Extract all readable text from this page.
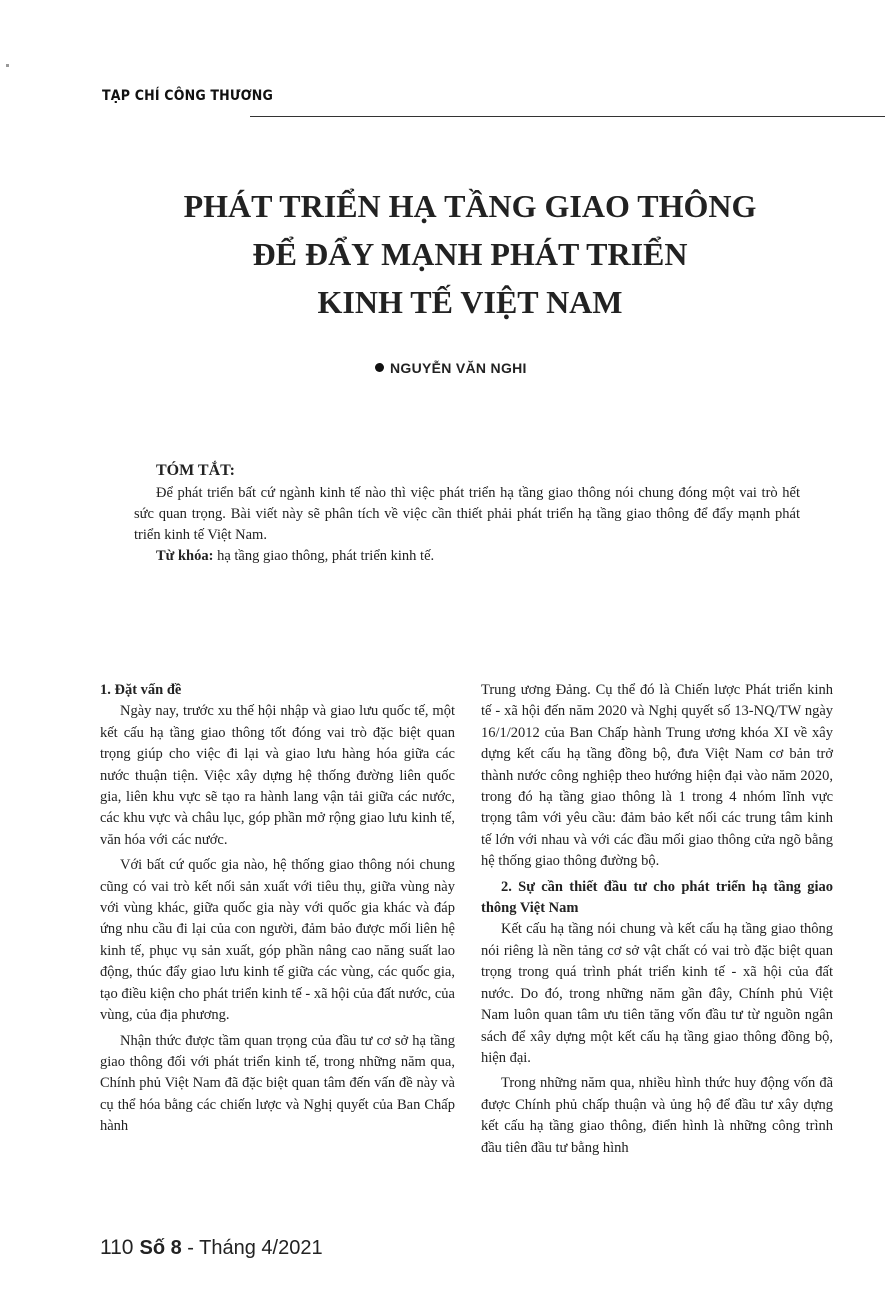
TẠP CHÍ CÔNG THƯƠNG
PHÁT TRIỂN HẠ TẦNG GIAO THÔNG
ĐỂ ĐẨY MẠNH PHÁT TRIỂN
KINH TẾ VIỆT NAM
NGUYỄN VĂN NGHI
TÓM TẮT:

Để phát triển bất cứ ngành kinh tế nào thì việc phát triển hạ tầng giao thông nói chung đóng một vai trò hết sức quan trọng. Bài viết này sẽ phân tích về việc cần thiết phải phát triển hạ tầng giao thông để đẩy mạnh phát triển kinh tế Việt Nam.

Từ khóa: hạ tầng giao thông, phát triển kinh tế.

1. Đặt vấn đề

Ngày nay, trước xu thế hội nhập và giao lưu quốc tế, một kết cấu hạ tầng giao thông tốt đóng vai trò đặc biệt quan trọng giúp cho việc đi lại và giao lưu hàng hóa giữa các nước thuận tiện. Việc xây dựng hệ thống đường liên quốc gia, liên khu vực sẽ tạo ra hành lang vận tải giữa các nước, các khu vực và châu lục, góp phần mở rộng giao lưu kinh tế, văn hóa với các nước.

Với bất cứ quốc gia nào, hệ thống giao thông nói chung cũng có vai trò kết nối sản xuất với tiêu thụ, giữa vùng này với vùng khác, giữa quốc gia này với quốc gia khác và đáp ứng nhu cầu đi lại của con người, đảm bảo được mối liên hệ kinh tế, phục vụ sản xuất, góp phần nâng cao năng suất lao động, thúc đẩy giao lưu kinh tế giữa các vùng, các quốc gia, tạo điều kiện cho phát triển kinh tế - xã hội của đất nước, của vùng, của địa phương.

Nhận thức được tầm quan trọng của đầu tư cơ sở hạ tầng giao thông đối với phát triển kinh tế, trong những năm qua, Chính phủ Việt Nam đã đặc biệt quan tâm đến vấn đề này và cụ thể hóa bằng các chiến lược và Nghị quyết của Ban Chấp hành

Trung ương Đảng. Cụ thể đó là Chiến lược Phát triển kinh tế - xã hội đến năm 2020 và Nghị quyết số 13-NQ/TW ngày 16/1/2012 của Ban Chấp hành Trung ương khóa XI về xây dựng kết cấu hạ tầng đồng bộ, đưa Việt Nam cơ bản trở thành nước công nghiệp theo hướng hiện đại vào năm 2020, trong đó hạ tầng giao thông là 1 trong 4 nhóm lĩnh vực trọng tâm với yêu cầu: đảm bảo kết nối các trung tâm kinh tế lớn với nhau và với các đầu mối giao thông cửa ngõ bằng hệ thống giao thông đường bộ.

2. Sự cần thiết đầu tư cho phát triển hạ tầng giao thông Việt Nam

Kết cấu hạ tầng nói chung và kết cấu hạ tầng giao thông nói riêng là nền tảng cơ sở vật chất có vai trò đặc biệt quan trọng trong quá trình phát triển kinh tế - xã hội của đất nước. Do đó, trong những năm gần đây, Chính phủ Việt Nam luôn quan tâm ưu tiên tăng vốn đầu tư từ nguồn ngân sách để xây dựng một kết cấu hạ tầng giao thông đồng bộ, hiện đại.

Trong những năm qua, nhiều hình thức huy động vốn đã được Chính phủ chấp thuận và ủng hộ để đầu tư xây dựng kết cấu hạ tầng giao thông, điển hình là những công trình đầu tiên đầu tư bằng hình

110 Số 8 - Tháng 4/2021
